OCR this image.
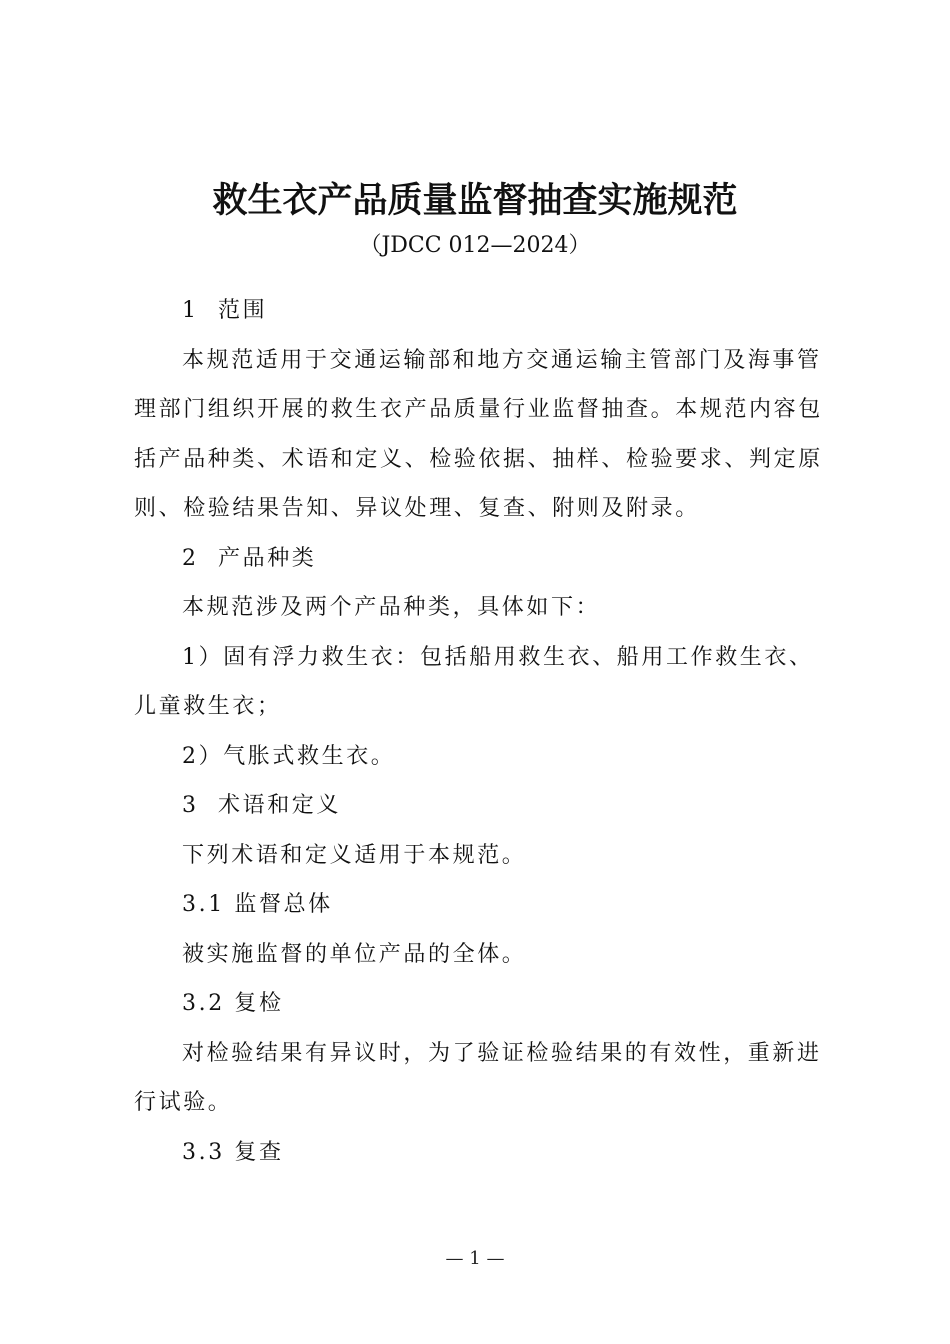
救生衣产品质量监督抽查实施规范
（JDCC 012—2024）

1 范围

本规范适用于交通运输部和地方交通运输主管部门及海事管理部门组织开展的救生衣产品质量行业监督抽查。本规范内容包括产品种类、术语和定义、检验依据、抽样、检验要求、判定原则、检验结果告知、异议处理、复查、附则及附录。

2 产品种类

本规范涉及两个产品种类，具体如下：

1）固有浮力救生衣：包括船用救生衣、船用工作救生衣、儿童救生衣；

2）气胀式救生衣。

3 术语和定义

下列术语和定义适用于本规范。

3.1 监督总体

被实施监督的单位产品的全体。

3.2 复检

对检验结果有异议时，为了验证检验结果的有效性，重新进行试验。

3.3 复查

— 1 —
